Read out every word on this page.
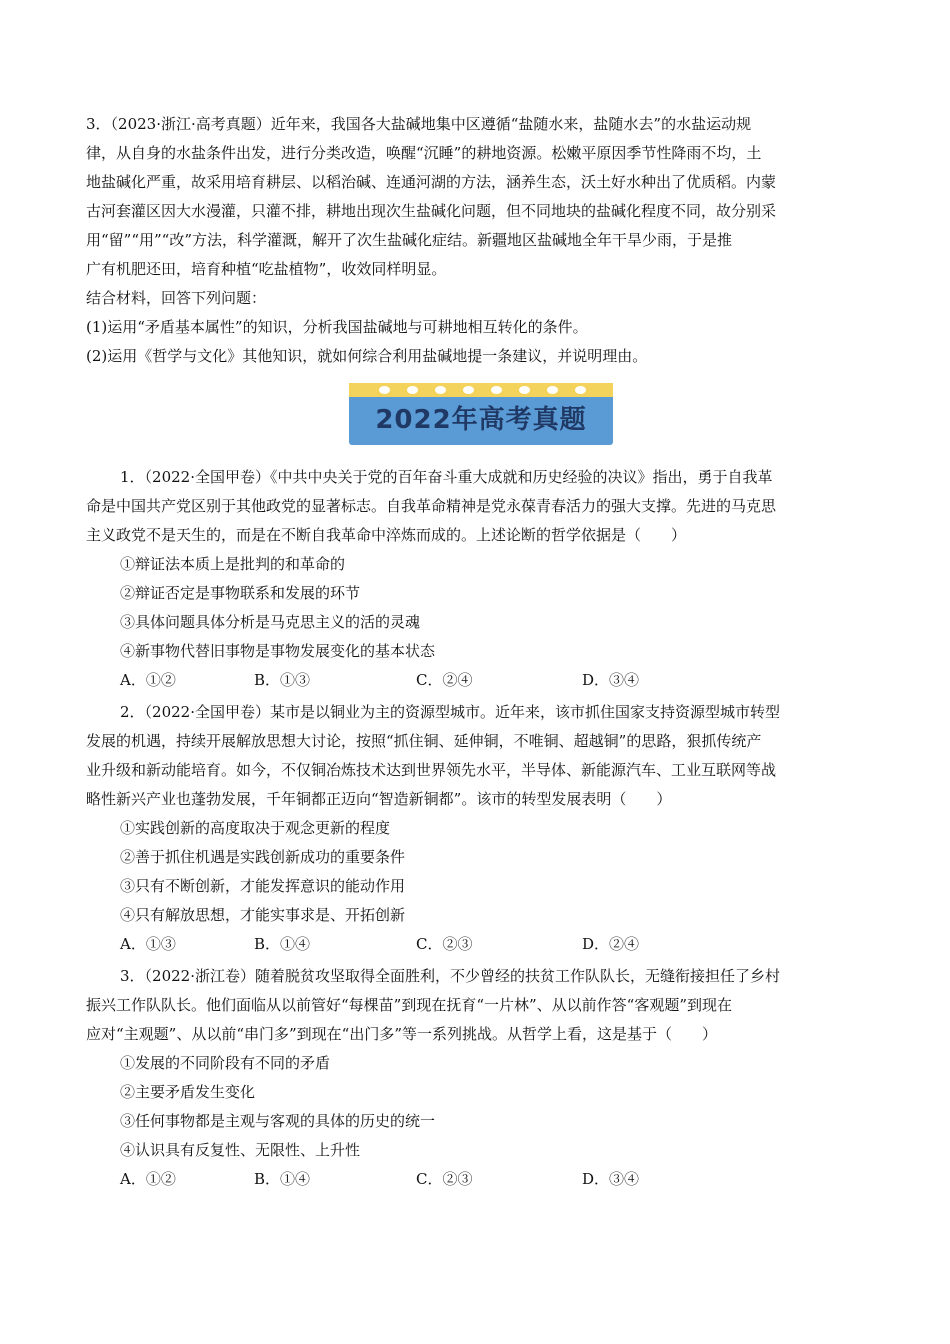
3．（2023·浙江·高考真题）近年来，我国各大盐碱地集中区遵循“盐随水来，盐随水去”的水盐运动规
律，从自身的水盐条件出发，进行分类改造，唤醒“沉睡”的耕地资源。松嫩平原因季节性降雨不均，土
地盐碱化严重，故采用培育耕层、以稻治碱、连通河湖的方法，涵养生态，沃土好水种出了优质稻。内蒙
古河套灌区因大水漫灌，只灌不排，耕地出现次生盐碱化问题，但不同地块的盐碱化程度不同，故分别采
用“留”“用”“改”方法，科学灌溉，解开了次生盐碱化症结。新疆地区盐碱地全年干旱少雨，于是推
广有机肥还田，培育种植“吃盐植物”，收效同样明显。
结合材料，回答下列问题：
(1)运用“矛盾基本属性”的知识，分析我国盐碱地与可耕地相互转化的条件。
(2)运用《哲学与文化》其他知识，就如何综合利用盐碱地提一条建议，并说明理由。
2022年高考真题
1．（2022·全国甲卷）《中共中央关于党的百年奋斗重大成就和历史经验的决议》指出，勇于自我革
命是中国共产党区别于其他政党的显著标志。自我革命精神是党永葆青春活力的强大支撑。先进的马克思
主义政党不是天生的，而是在不断自我革命中淬炼而成的。上述论断的哲学依据是（　　）
①辩证法本质上是批判的和革命的
②辩证否定是事物联系和发展的环节
③具体问题具体分析是马克思主义的活的灵魂
④新事物代替旧事物是事物发展变化的基本状态
A．①②	B．①③	C．②④	D．③④
2．（2022·全国甲卷）某市是以铜业为主的资源型城市。近年来，该市抓住国家支持资源型城市转型
发展的机遇，持续开展解放思想大讨论，按照“抓住铜、延伸铜，不唯铜、超越铜”的思路，狠抓传统产
业升级和新动能培育。如今，不仅铜冶炼技术达到世界领先水平，半导体、新能源汽车、工业互联网等战
略性新兴产业也蓬勃发展，千年铜都正迈向“智造新铜都”。该市的转型发展表明（　　）
①实践创新的高度取决于观念更新的程度
②善于抓住机遇是实践创新成功的重要条件
③只有不断创新，才能发挥意识的能动作用
④只有解放思想，才能实事求是、开拓创新
A．①③	B．①④	C．②③	D．②④
3．（2022·浙江卷）随着脱贫攻坚取得全面胜利，不少曾经的扶贫工作队队长，无缝衔接担任了乡村
振兴工作队队长。他们面临从以前管好“每棵苗”到现在抚育“一片林”、从以前作答“客观题”到现在
应对“主观题”、从以前“串门多”到现在“出门多”等一系列挑战。从哲学上看，这是基于（　　）
①发展的不同阶段有不同的矛盾
②主要矛盾发生变化
③任何事物都是主观与客观的具体的历史的统一
④认识具有反复性、无限性、上升性
A．①②	B．①④	C．②③	D．③④
